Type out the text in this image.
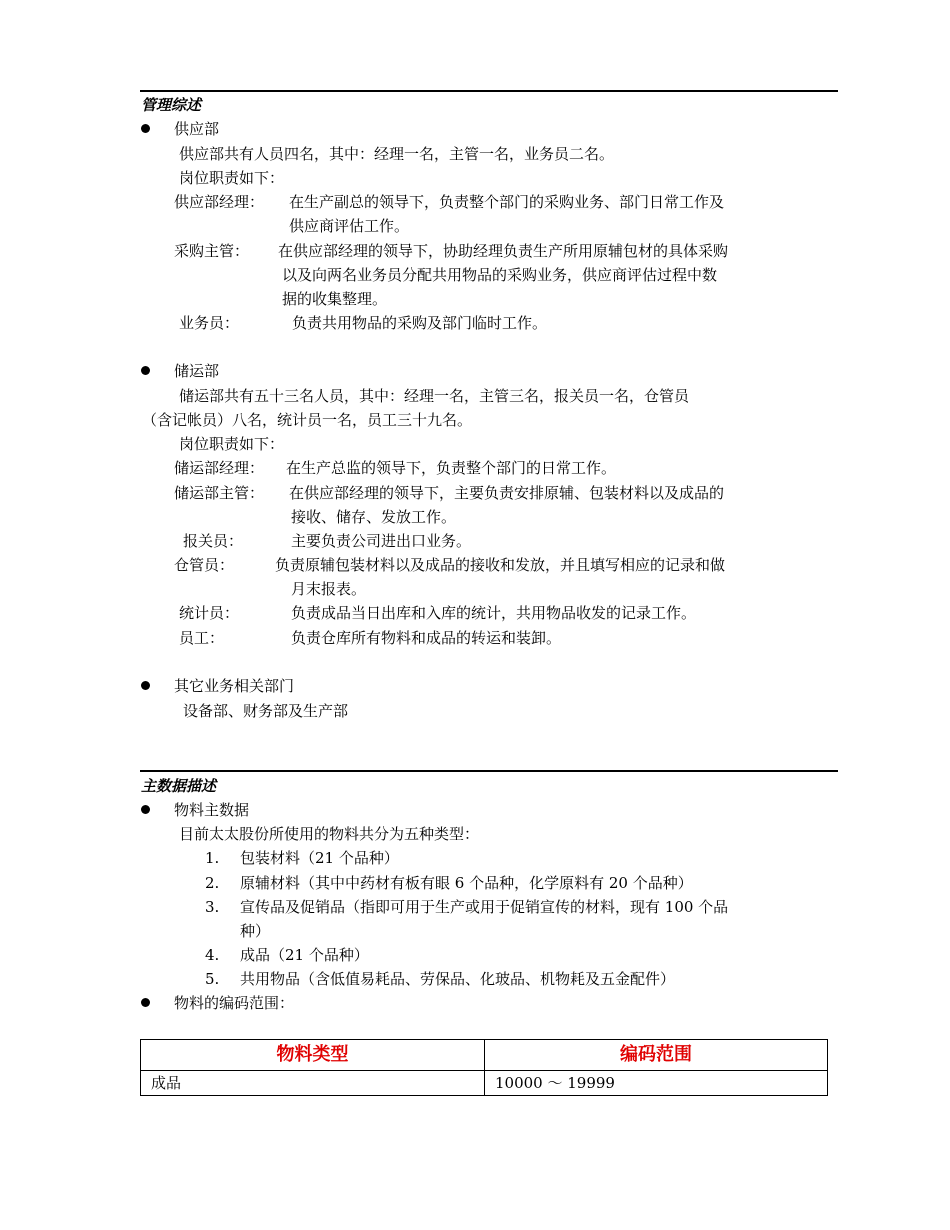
管理综述
供应部
供应部共有人员四名，其中：经理一名，主管一名，业务员二名。
岗位职责如下：
供应部经理： 在生产副总的领导下，负责整个部门的采购业务、部门日常工作及
供应商评估工作。
采购主管： 在供应部经理的领导下，协助经理负责生产所用原辅包材的具体采购
以及向两名业务员分配共用物品的采购业务，供应商评估过程中数
据的收集整理。
业务员：	负责共用物品的采购及部门临时工作。
储运部
储运部共有五十三名人员，其中：经理一名，主管三名，报关员一名，仓管员
（含记帐员）八名，统计员一名，员工三十九名。
岗位职责如下：
储运部经理： 在生产总监的领导下，负责整个部门的日常工作。
储运部主管： 在供应部经理的领导下，主要负责安排原辅、包装材料以及成品的
接收、储存、发放工作。
报关员：	主要负责公司进出口业务。
仓管员：	负责原辅包装材料以及成品的接收和发放，并且填写相应的记录和做
月末报表。
统计员：	负责成品当日出库和入库的统计，共用物品收发的记录工作。
员工：	负责仓库所有物料和成品的转运和装卸。
其它业务相关部门
设备部、财务部及生产部
主数据描述
物料主数据
目前太太股份所使用的物料共分为五种类型：
1. 包装材料（21 个品种）
2. 原辅材料（其中中药材有板有眼 6 个品种，化学原料有 20 个品种）
3. 宣传品及促销品（指即可用于生产或用于促销宣传的材料，现有 100 个品
种）
4. 成品（21 个品种）
5. 共用物品（含低值易耗品、劳保品、化玻品、机物耗及五金配件）
物料的编码范围：
物料类型	编码范围
成品	10000 ～ 19999
